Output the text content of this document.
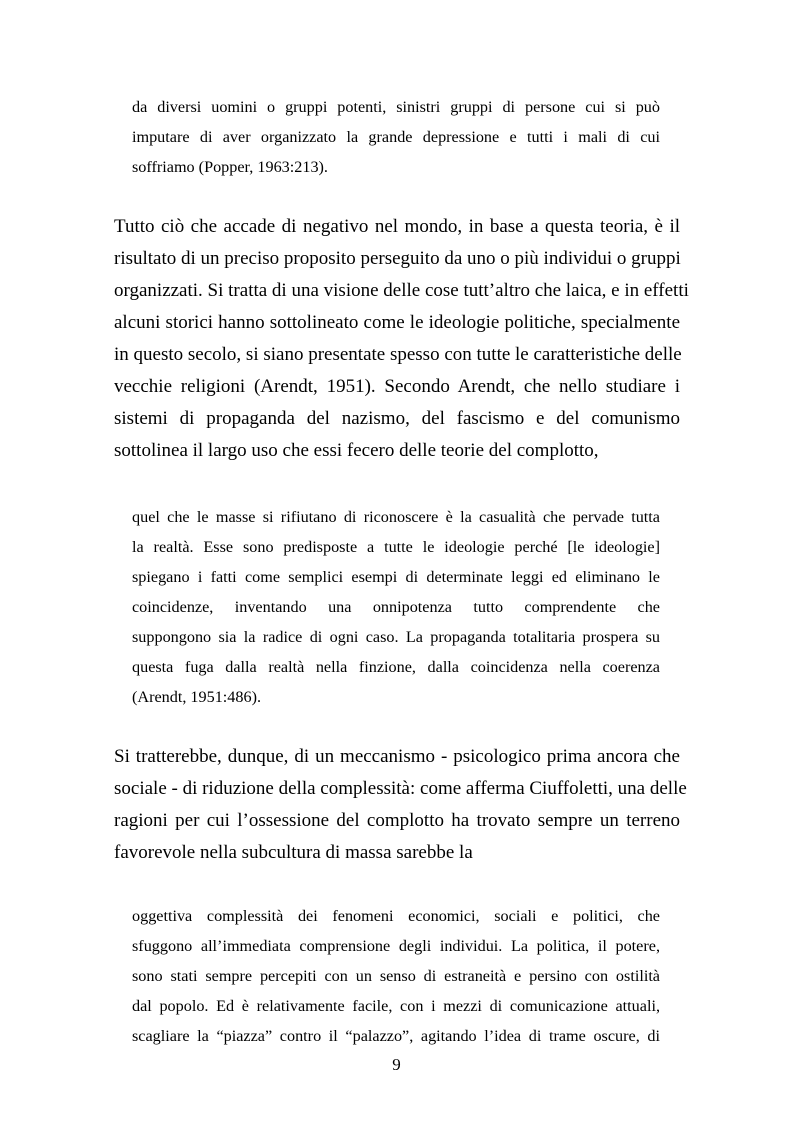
da diversi uomini o gruppi potenti, sinistri gruppi di persone cui si può
imputare di aver organizzato la grande depressione e tutti i mali di cui
soffriamo (Popper, 1963:213).
Tutto ciò che accade di negativo nel mondo, in base a questa teoria, è il
risultato di un preciso proposito perseguito da uno o più individui o gruppi
organizzati. Si tratta di una visione delle cose tutt’altro che laica, e in effetti
alcuni storici hanno sottolineato come le ideologie politiche, specialmente
in questo secolo, si siano presentate spesso con tutte le caratteristiche delle
vecchie religioni (Arendt, 1951). Secondo Arendt, che nello studiare i
sistemi di propaganda del nazismo, del fascismo e del comunismo
sottolinea il largo uso che essi fecero delle teorie del complotto,
quel che le masse si rifiutano di riconoscere è la casualità che pervade tutta
la realtà. Esse sono predisposte a tutte le ideologie perché [le ideologie]
spiegano i fatti come semplici esempi di determinate leggi ed eliminano le
coincidenze, inventando una onnipotenza tutto comprendente che
suppongono sia la radice di ogni caso. La propaganda totalitaria prospera su
questa fuga dalla realtà nella finzione, dalla coincidenza nella coerenza
(Arendt, 1951:486).
Si tratterebbe, dunque, di un meccanismo - psicologico prima ancora che
sociale - di riduzione della complessità: come afferma Ciuffoletti, una delle
ragioni per cui l’ossessione del complotto ha trovato sempre un terreno
favorevole nella subcultura di massa sarebbe la
oggettiva complessità dei fenomeni economici, sociali e politici, che
sfuggono all’immediata comprensione degli individui. La politica, il potere,
sono stati sempre percepiti con un senso di estraneità e persino con ostilità
dal popolo. Ed è relativamente facile, con i mezzi di comunicazione attuali,
scagliare la “piazza” contro il “palazzo”, agitando l’idea di trame oscure, di
9
